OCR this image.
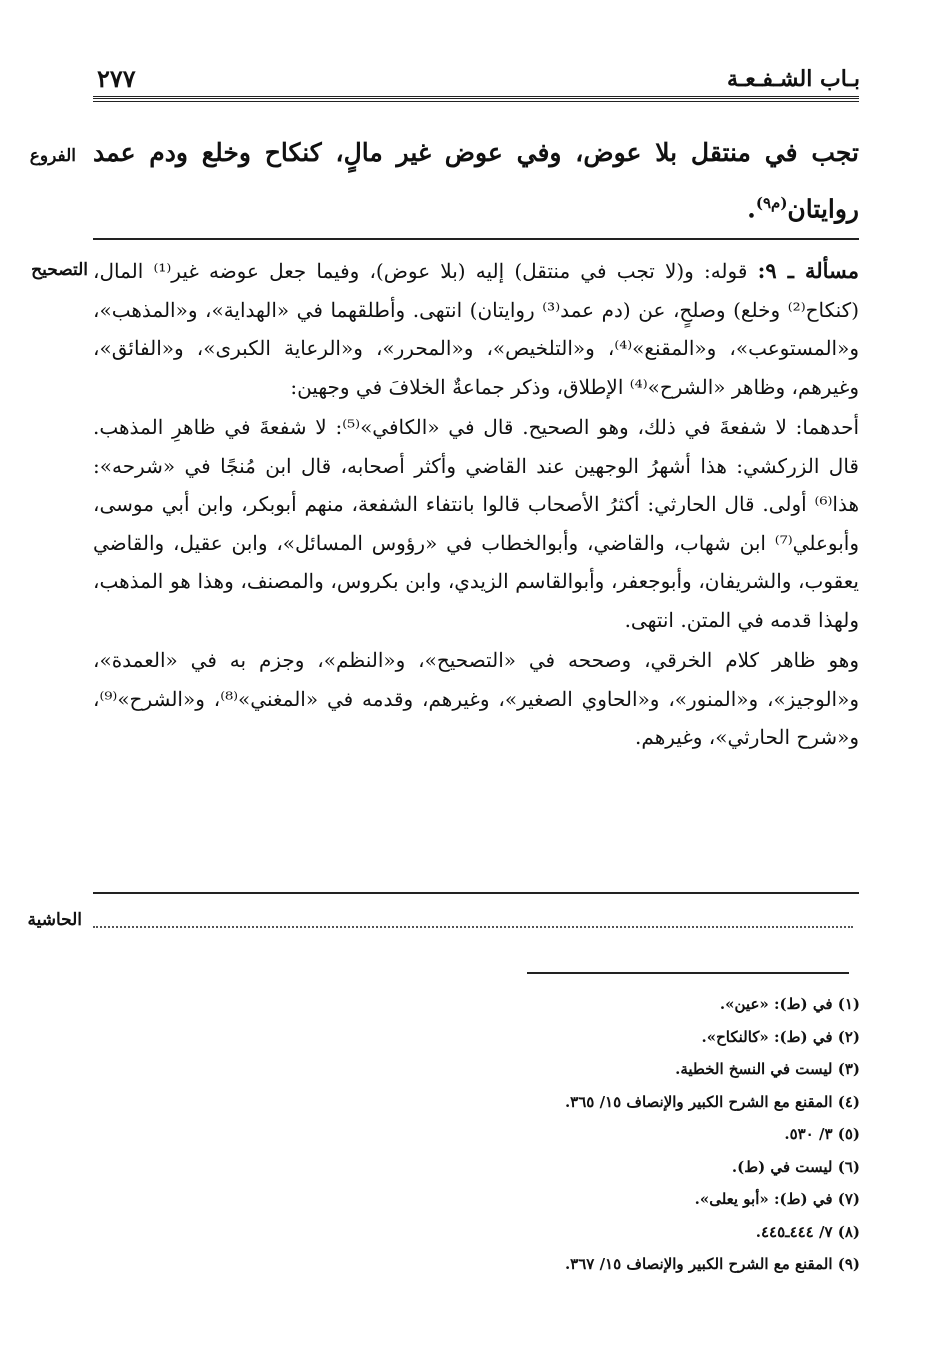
بـاب الشـفـعـة
٢٧٧
الفروع تجب في منتقل بلا عوض، وفي عوض غير مالٍ، كنكاح وخلع ودم عمد روايتان$^{(م٩)}$.
التصحيح	مسألة ـ ٩: قوله: و(لا تجب في منتقل) إليه (بلا عوض)، وفيما جعل عوضه غير⁽¹⁾ المال، (كنكاح⁽²⁾ وخلع) وصلحٍ، عن (دم عمد⁽³⁾ روايتان) انتهى. وأطلقهما في «الهداية»، و«المذهب»، و«المستوعب»، و«المقنع»⁽⁴⁾، و«التلخيص»، و«المحرر»، و«الرعاية الكبرى»، و«الفائق»، وغيرهم، وظاهر «الشرح»⁽⁴⁾ الإطلاق، وذكر جماعةٌ الخلافَ في وجهين:

أحدهما: لا شفعةَ في ذلك، وهو الصحيح. قال في «الكافي»⁽⁵⁾: لا شفعةَ في ظاهرِ المذهب. قال الزركشي: هذا أشهرُ الوجهين عند القاضي وأكثر أصحابه، قال ابن مُنجًا في «شرحه»: هذا⁽⁶⁾ أولى. قال الحارثي: أكثرُ الأصحاب قالوا بانتفاء الشفعة، منهم أبوبكر، وابن أبي موسى، وأبوعلي⁽⁷⁾ ابن شهاب، والقاضي، وأبوالخطاب في «رؤوس المسائل»، وابن عقيل، والقاضي يعقوب، والشريفان، وأبوجعفر، وأبوالقاسم الزيدي، وابن بكروس، والمصنف، وهذا هو المذهب، ولهذا قدمه في المتن. انتهى.

وهو ظاهر كلام الخرقي، وصححه في «التصحيح»، و«النظم»، وجزم به في «العمدة»، و«الوجيز»، و«المنور»، و«الحاوي الصغير»، وغيرهم، وقدمه في «المغني»⁽⁸⁾، و«الشرح»⁽⁹⁾، و«شرح الحارثي»، وغيرهم.

الحاشية
(١) في (ط): «عين».
(٢) في (ط): «كالنكاح».
(٣) ليست في النسخ الخطية.
(٤) المقنع مع الشرح الكبير والإنصاف ١٥/ ٣٦٥.
(٥) ٣/ ٥٣٠.
(٦) ليست في (ط).
(٧) في (ط): «أبو يعلى».
(٨) ٧/ ٤٤٤ـ٤٤٥.
(٩) المقنع مع الشرح الكبير والإنصاف ١٥/ ٣٦٧.
